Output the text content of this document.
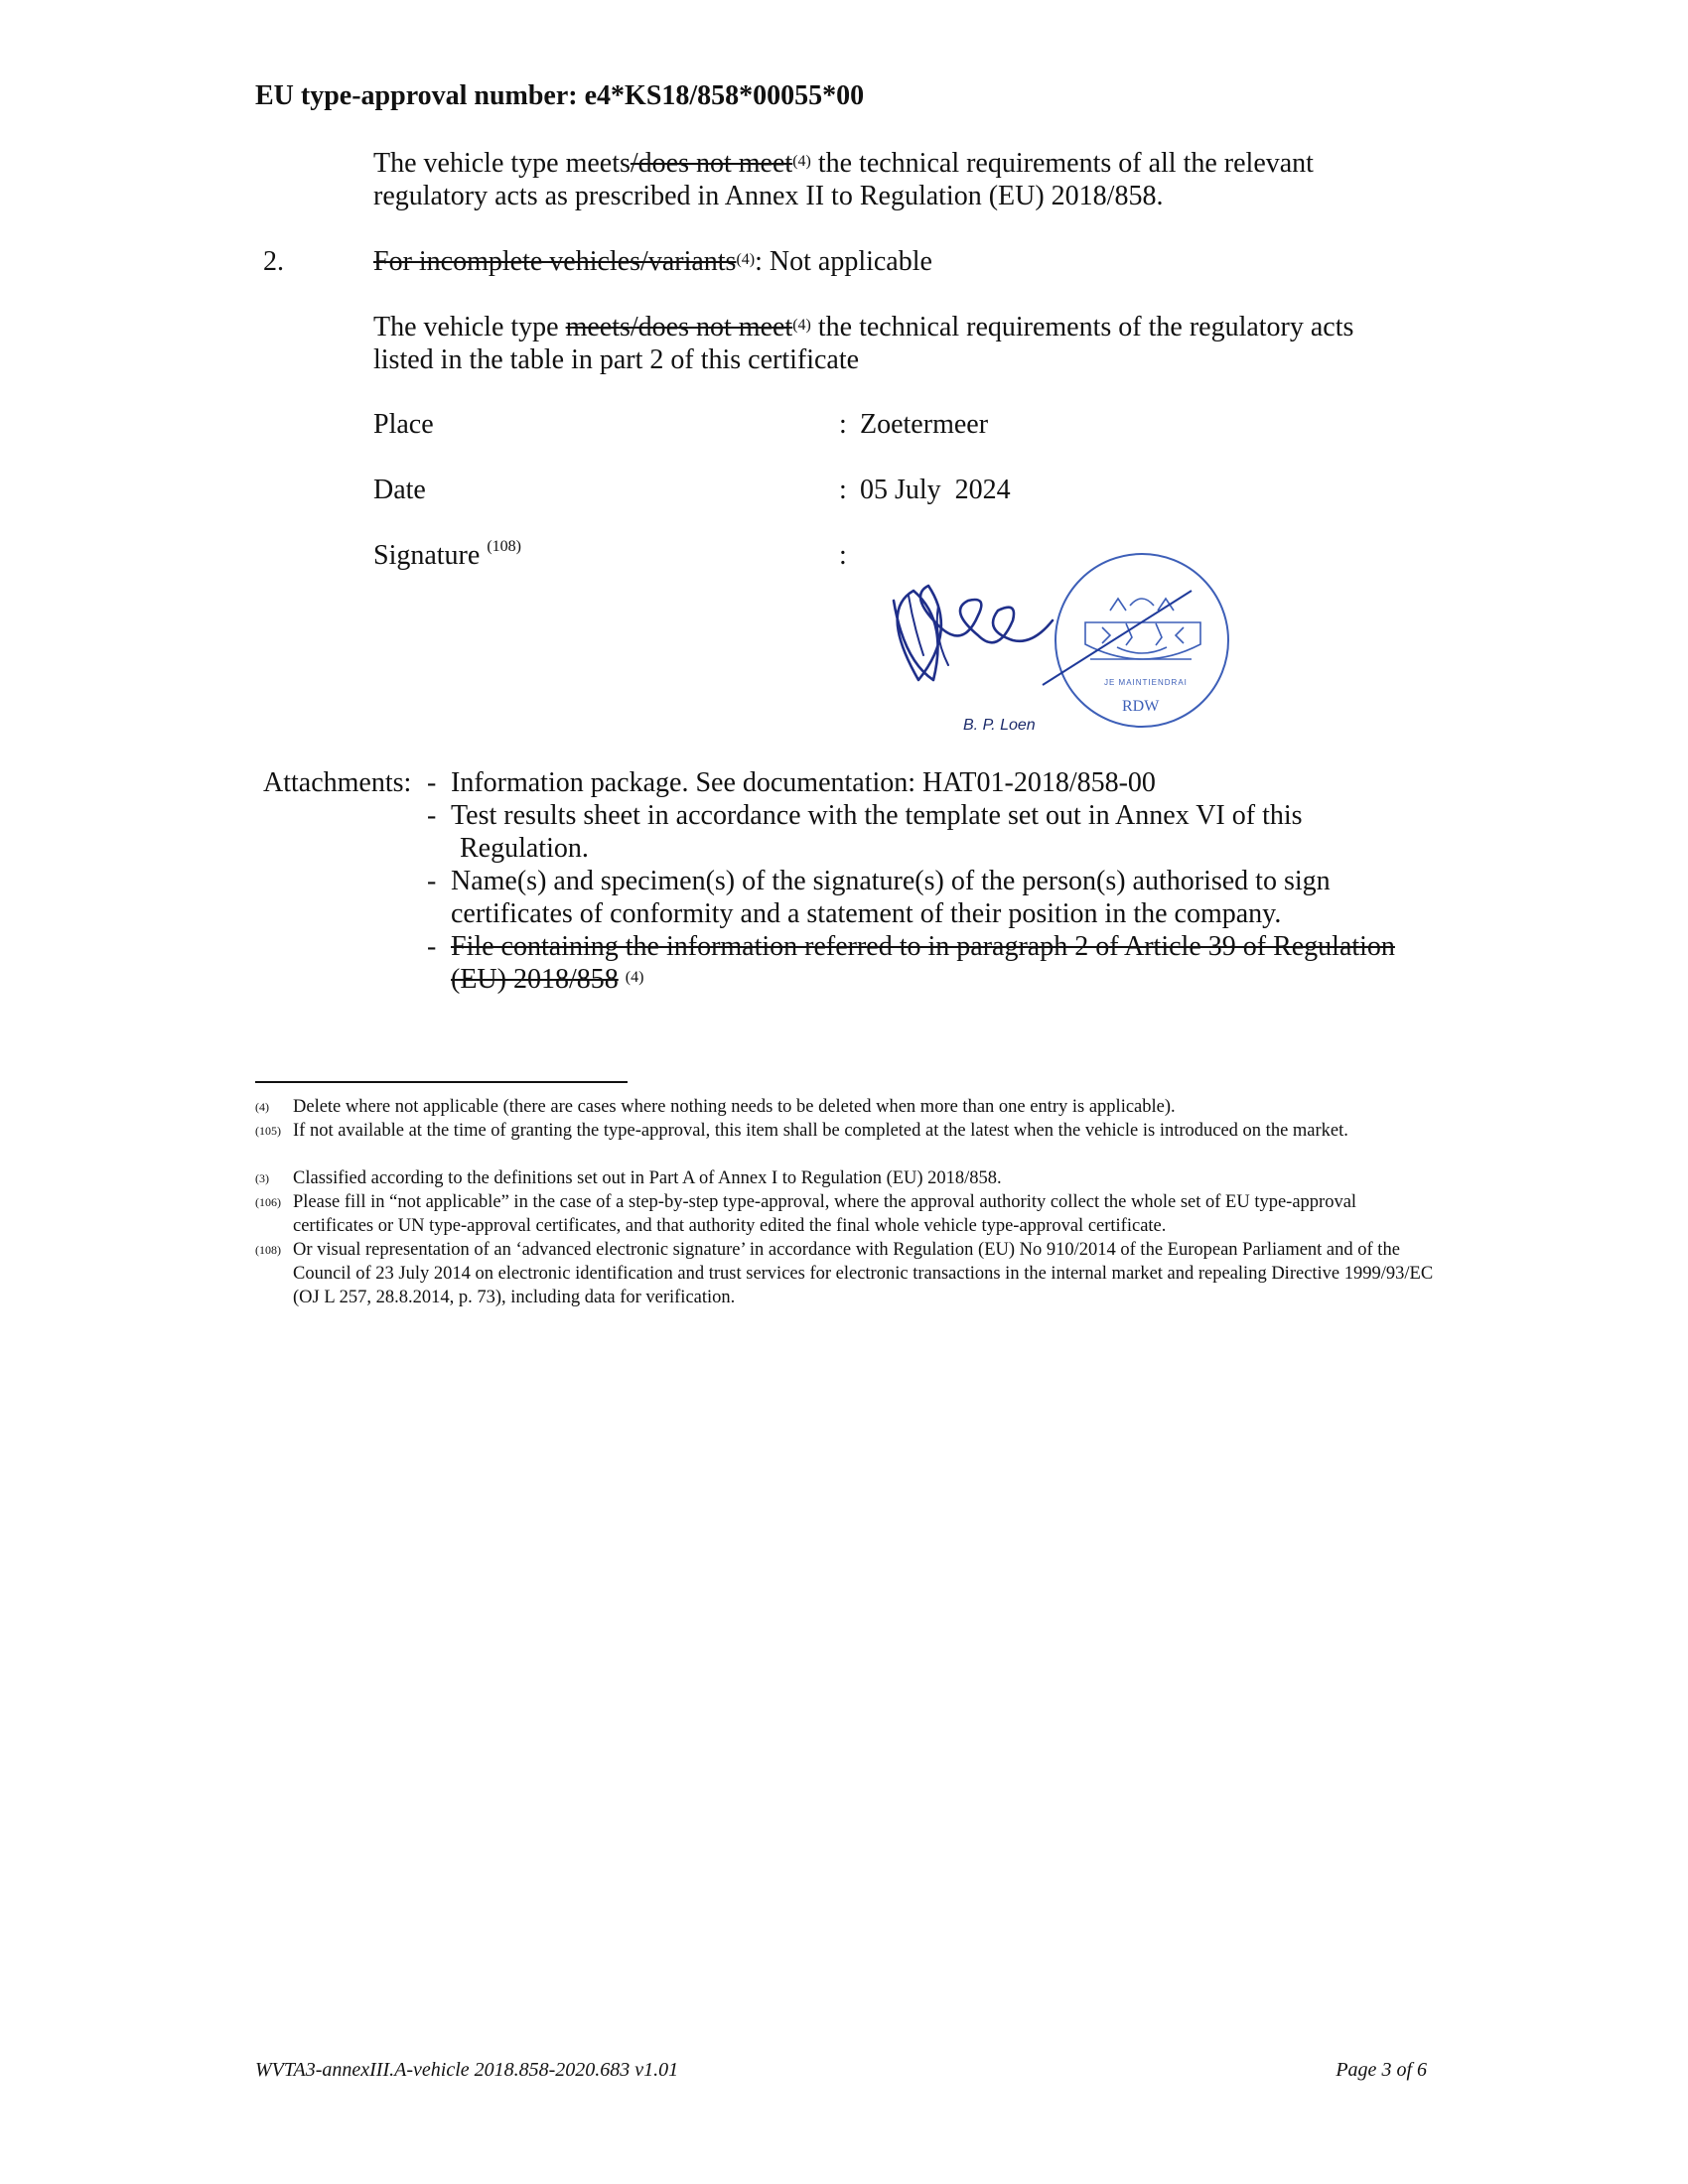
EU type-approval number: e4*KS18/858*00055*00
The vehicle type meets/does not meet$^{(4)}$ the technical requirements of all the relevant
regulatory acts as prescribed in Annex II to Regulation (EU) 2018/858.
2.	For incomplete vehicles/variants$^{(4)}$: Not applicable
The vehicle type meets/does not meet$^{(4)}$ the technical requirements of the regulatory acts
listed in the table in part 2 of this certificate
Place	: Zoetermeer
Date	: 05 July  2024
Signature $^{(108)}$	:
JE MAINTIENDRAI
RDW
B. P. Loen
Attachments: - Information package. See documentation: HAT01-2018/858-00
- Test results sheet in accordance with the template set out in Annex VI of this
Regulation.
- Name(s) and specimen(s) of the signature(s) of the person(s) authorised to sign
certificates of conformity and a statement of their position in the company.
- File containing the information referred to in paragraph 2 of Article 39 of Regulation
(EU) 2018/858 $^{(4)}$
(4) Delete where not applicable (there are cases where nothing needs to be deleted when more than one entry is applicable).
(105) If not available at the time of granting the type-approval, this item shall be completed at the latest when the vehicle is introduced on the market.
(3) Classified according to the definitions set out in Part A of Annex I to Regulation (EU) 2018/858.
(106) Please fill in “not applicable” in the case of a step-by-step type-approval, where the approval authority collect the whole set of EU type-approval certificates or UN type-approval certificates, and that authority edited the final whole vehicle type-approval certificate.
(108) Or visual representation of an ‘advanced electronic signature’ in accordance with Regulation (EU) No 910/2014 of the European Parliament and of the Council of 23 July 2014 on electronic identification and trust services for electronic transactions in the internal market and repealing Directive 1999/93/EC (OJ L 257, 28.8.2014, p. 73), including data for verification.
WVTA3-annexIII.A-vehicle 2018.858-2020.683 v1.01	Page 3 of 6
